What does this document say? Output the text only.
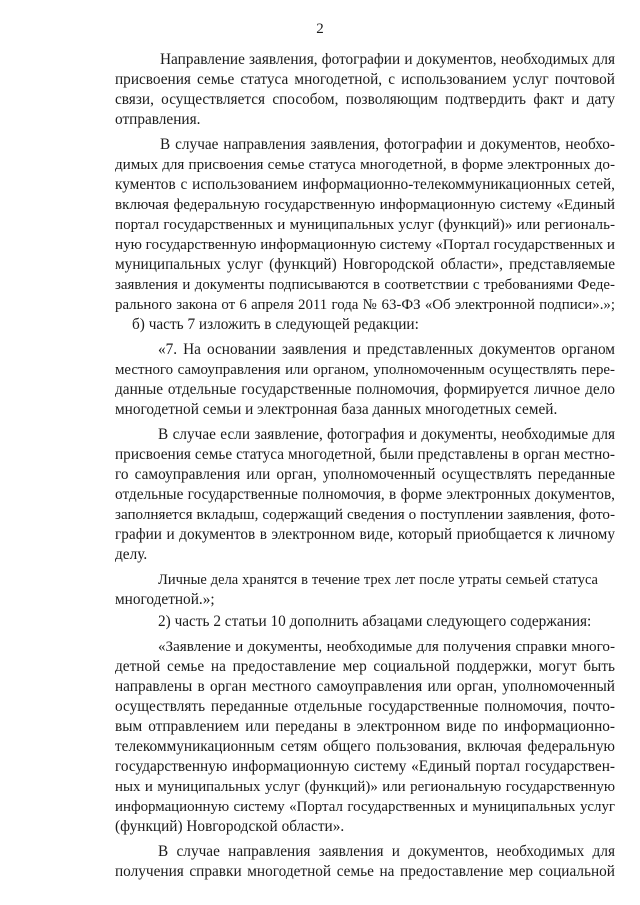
2
Направление заявления, фотографии и документов, необходимых для
присвоения семье статуса многодетной, с использованием услуг почтовой
связи, осуществляется способом, позволяющим подтвердить факт и дату
отправления.
В случае направления заявления, фотографии и документов, необхо-
димых для присвоения семье статуса многодетной, в форме электронных до-
кументов с использованием информационно-телекоммуникационных сетей,
включая федеральную государственную информационную систему «Единый
портал государственных и муниципальных услуг (функций)» или региональ-
ную государственную информационную систему «Портал государственных и
муниципальных услуг (функций) Новгородской области», представляемые
заявления и документы подписываются в соответствии с требованиями Феде-
рального закона от 6 апреля 2011 года № 63-ФЗ «Об электронной подписи».»;
б) часть 7 изложить в следующей редакции:
«7. На основании заявления и представленных документов органом
местного самоуправления или органом, уполномоченным осуществлять пере-
данные отдельные государственные полномочия, формируется личное дело
многодетной семьи и электронная база данных многодетных семей.
В случае если заявление, фотография и документы, необходимые для
присвоения семье статуса многодетной, были представлены в орган местно-
го самоуправления или орган, уполномоченный осуществлять переданные
отдельные государственные полномочия, в форме электронных документов,
заполняется вкладыш, содержащий сведения о поступлении заявления, фото-
графии и документов в электронном виде, который приобщается к личному
делу.
Личные дела хранятся в течение трех лет после утраты семьей статуса
многодетной.»;
2) часть 2 статьи 10 дополнить абзацами следующего содержания:
«Заявление и документы, необходимые для получения справки много-
детной семье на предоставление мер социальной поддержки, могут быть
направлены в орган местного самоуправления или орган, уполномоченный
осуществлять переданные отдельные государственные полномочия, почто-
вым отправлением или переданы в электронном виде по информационно-
телекоммуникационным сетям общего пользования, включая федеральную
государственную информационную систему «Единый портал государствен-
ных и муниципальных услуг (функций)» или региональную государственную
информационную систему «Портал государственных и муниципальных услуг
(функций) Новгородской области».
В случае направления заявления и документов, необходимых для
получения справки многодетной семье на предоставление мер социальной
